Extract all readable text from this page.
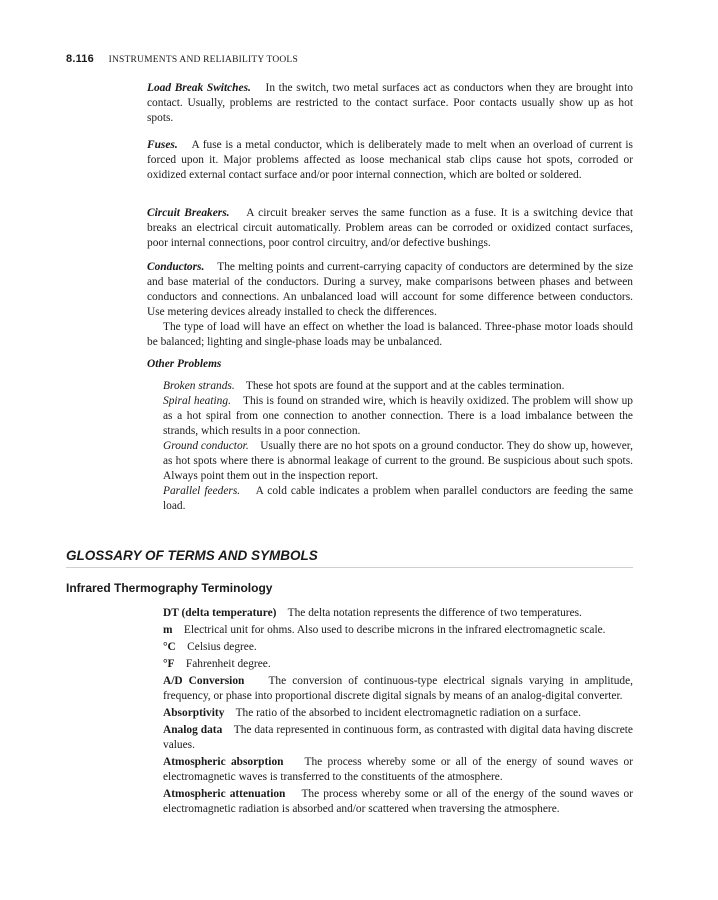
8.116 INSTRUMENTS AND RELIABILITY TOOLS

Load Break Switches. In the switch, two metal surfaces act as conductors when they are brought into contact. Usually, problems are restricted to the contact surface. Poor contacts usually show up as hot spots.

Fuses. A fuse is a metal conductor, which is deliberately made to melt when an overload of current is forced upon it. Major problems affected as loose mechanical stab clips cause hot spots, corroded or oxidized external contact surface and/or poor internal connection, which are bolted or soldered.

Circuit Breakers. A circuit breaker serves the same function as a fuse. It is a switching device that breaks an electrical circuit automatically. Problem areas can be corroded or oxidized contact surfaces, poor internal connections, poor control circuitry, and/or defective bushings.

Conductors. The melting points and current-carrying capacity of conductors are determined by the size and base material of the conductors. During a survey, make comparisons between phases and between conductors and connections. An unbalanced load will account for some difference between conductors. Use metering devices already installed to check the differences.

The type of load will have an effect on whether the load is balanced. Three-phase motor loads should be balanced; lighting and single-phase loads may be unbalanced.

Other Problems

Broken strands. These hot spots are found at the support and at the cables termination.

Spiral heating. This is found on stranded wire, which is heavily oxidized. The problem will show up as a hot spiral from one connection to another connection. There is a load imbalance between the strands, which results in a poor connection.

Ground conductor. Usually there are no hot spots on a ground conductor. They do show up, however, as hot spots where there is abnormal leakage of current to the ground. Be suspicious about such spots. Always point them out in the inspection report.

Parallel feeders. A cold cable indicates a problem when parallel conductors are feeding the same load.

GLOSSARY OF TERMS AND SYMBOLS
Infrared Thermography Terminology

DT (delta temperature) The delta notation represents the difference of two temperatures.

m Electrical unit for ohms. Also used to describe microns in the infrared electromagnetic scale.

°C Celsius degree.

°F Fahrenheit degree.

A/D Conversion The conversion of continuous-type electrical signals varying in amplitude, frequency, or phase into proportional discrete digital signals by means of an analog-digital converter.

Absorptivity The ratio of the absorbed to incident electromagnetic radiation on a surface.

Analog data The data represented in continuous form, as contrasted with digital data having discrete values.

Atmospheric absorption The process whereby some or all of the energy of sound waves or electromagnetic waves is transferred to the constituents of the atmosphere.

Atmospheric attenuation The process whereby some or all of the energy of the sound waves or electromagnetic radiation is absorbed and/or scattered when traversing the atmosphere.
